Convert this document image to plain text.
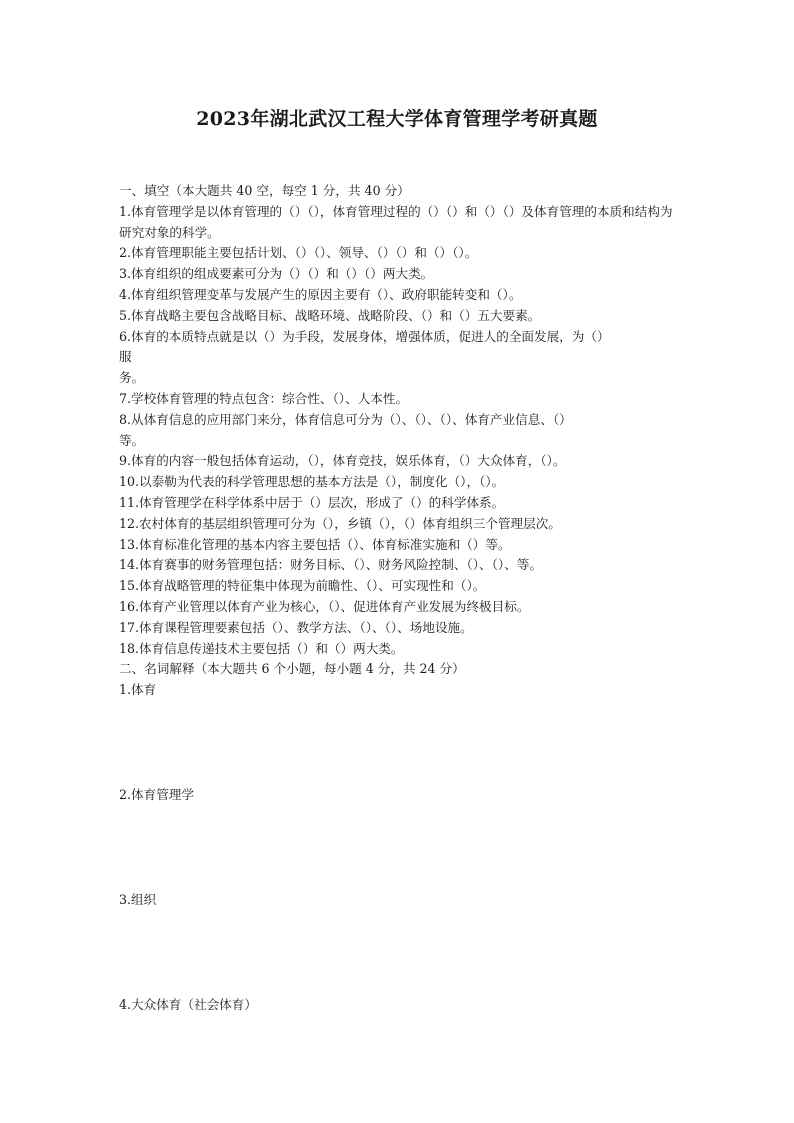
2023年湖北武汉工程大学体育管理学考研真题
一、填空（本大题共 40 空，每空 1 分，共 40 分）
1.体育管理学是以体育管理的（）（），体育管理过程的（）（）和（）（）及体育管理的本质和结构为研究对象的科学。
2.体育管理职能主要包括计划、（）（）、领导、（）（）和（）（）。
3.体育组织的组成要素可分为（）（）和（）（）两大类。
4.体育组织管理变革与发展产生的原因主要有（）、政府职能转变和（）。
5.体育战略主要包含战略目标、战略环境、战略阶段、（）和（）五大要素。
6.体育的本质特点就是以（）为手段，发展身体，增强体质，促进人的全面发展，为（）
服
务。
7.学校体育管理的特点包含：综合性、（）、人本性。
8.从体育信息的应用部门来分，体育信息可分为（）、（）、（）、体育产业信息、（）
等。
9.体育的内容一般包括体育运动，（），体育竞技，娱乐体育，（）大众体育，（）。
10.以泰勒为代表的科学管理思想的基本方法是（），制度化（），（）。
11.体育管理学在科学体系中居于（）层次，形成了（）的科学体系。
12.农村体育的基层组织管理可分为（），乡镇（），（）体育组织三个管理层次。
13.体育标准化管理的基本内容主要包括（）、体育标准实施和（）等。
14.体育赛事的财务管理包括：财务目标、（）、财务风险控制、（）、（）、等。
15.体育战略管理的特征集中体现为前瞻性、（）、可实现性和（）。
16.体育产业管理以体育产业为核心，（）、促进体育产业发展为终极目标。
17.体育课程管理要素包括（）、教学方法、（）、（）、场地设施。
18.体育信息传递技术主要包括（）和（）两大类。
二、名词解释（本大题共 6 个小题，每小题 4 分，共 24 分）
1.体育
2.体育管理学
3.组织
4.大众体育（社会体育）
